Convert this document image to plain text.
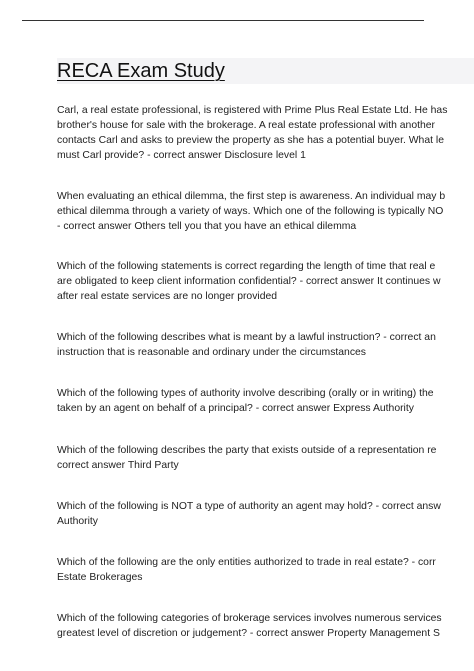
RECA Exam Study
Carl, a real estate professional, is registered with Prime Plus Real Estate Ltd. He has
brother's house for sale with the brokerage. A real estate professional with another
contacts Carl and asks to preview the property as she has a potential buyer. What le
must Carl provide? - correct answer Disclosure level 1
When evaluating an ethical dilemma, the first step is awareness. An individual may b
ethical dilemma through a variety of ways. Which one of the following is typically NO
- correct answer Others tell you that you have an ethical dilemma
Which of the following statements is correct regarding the length of time that real e
are obligated to keep client information confidential? - correct answer It continues w
after real estate services are no longer provided
Which of the following describes what is meant by a lawful instruction? - correct an
instruction that is reasonable and ordinary under the circumstances
Which of the following types of authority involve describing (orally or in writing) the
taken by an agent on behalf of a principal? - correct answer Express Authority
Which of the following describes the party that exists outside of a representation re
correct answer Third Party
Which of the following is NOT a type of authority an agent may hold? - correct answ
Authority
Which of the following are the only entities authorized to trade in real estate? - corr
Estate Brokerages
Which of the following categories of brokerage services involves numerous services
greatest level of discretion or judgement? - correct answer Property Management S
